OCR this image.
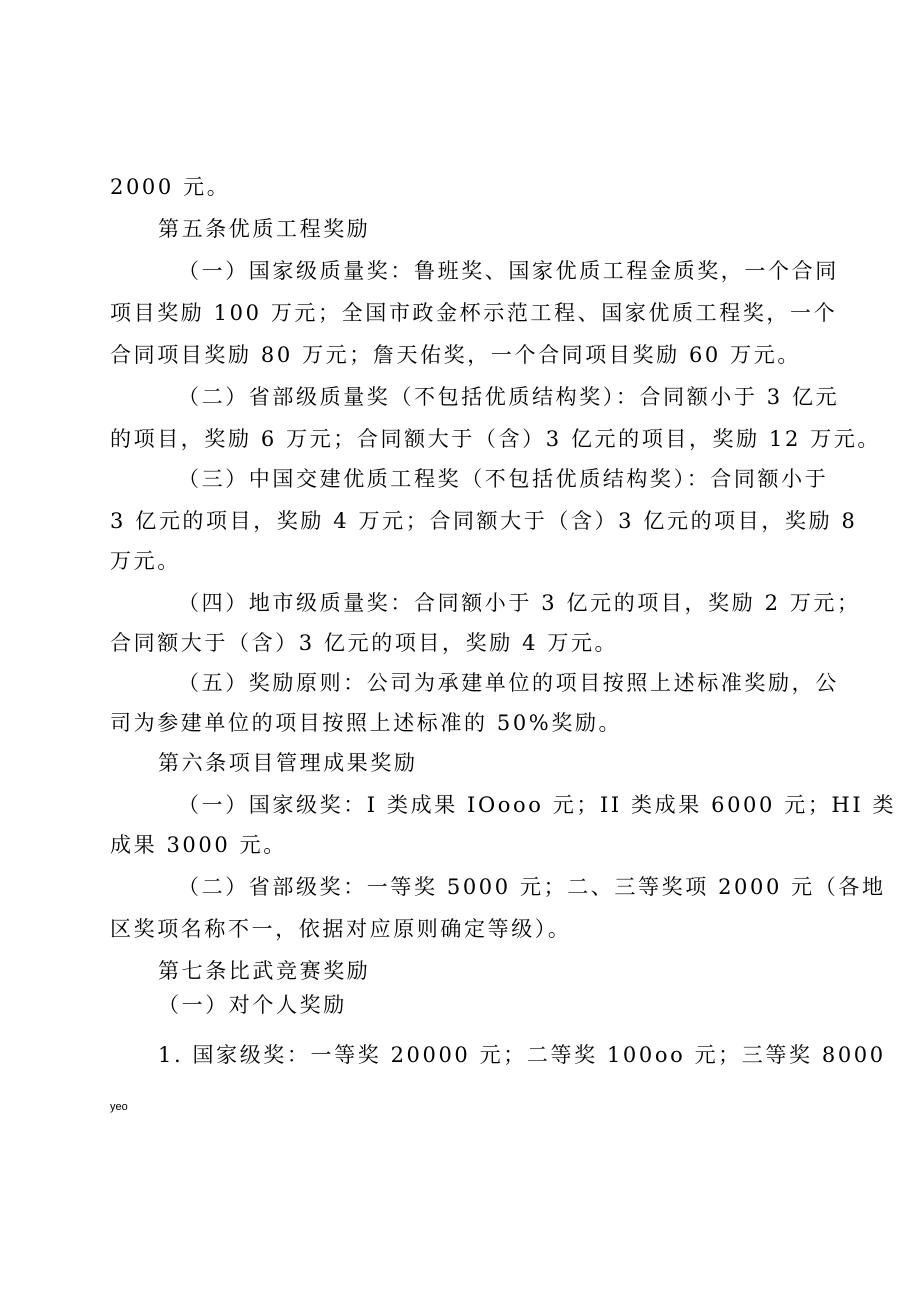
2000 元。
第五条优质工程奖励
（一）国家级质量奖：鲁班奖、国家优质工程金质奖，一个合同
项目奖励 100 万元；全国市政金杯示范工程、国家优质工程奖，一个
合同项目奖励 80 万元；詹天佑奖，一个合同项目奖励 60 万元。
（二）省部级质量奖（不包括优质结构奖）：合同额小于 3 亿元
的项目，奖励 6 万元；合同额大于（含）3 亿元的项目，奖励 12 万元。
（三）中国交建优质工程奖（不包括优质结构奖）：合同额小于
3 亿元的项目，奖励 4 万元；合同额大于（含）3 亿元的项目，奖励 8
万元。
（四）地市级质量奖：合同额小于 3 亿元的项目，奖励 2 万元；
合同额大于（含）3 亿元的项目，奖励 4 万元。
（五）奖励原则：公司为承建单位的项目按照上述标准奖励，公
司为参建单位的项目按照上述标准的 50%奖励。
第六条项目管理成果奖励
（一）国家级奖：I 类成果 IOooo 元；II 类成果 6000 元；HI 类
成果 3000 元。
（二）省部级奖：一等奖 5000 元；二、三等奖项 2000 元（各地
区奖项名称不一，依据对应原则确定等级）。
第七条比武竞赛奖励
（一）对个人奖励
1. 国家级奖：一等奖 20000 元；二等奖 100oo 元；三等奖 8000
yeo
